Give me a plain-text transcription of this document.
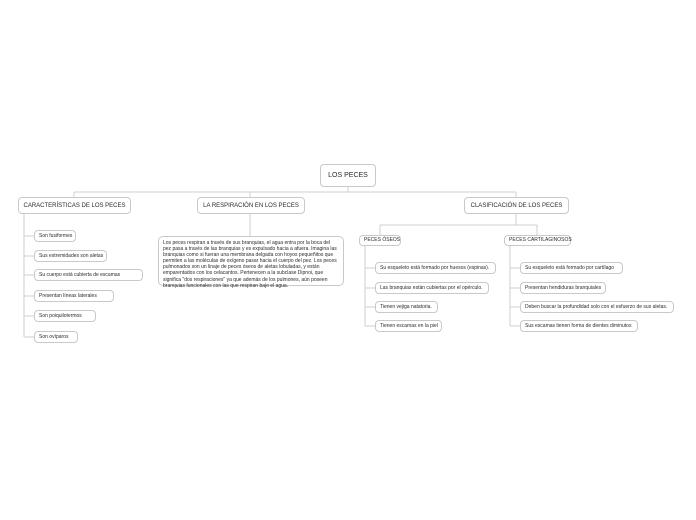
LOS PECES
CARACTERÍSTICAS DE LOS PECES	LA RESPIRACIÓN EN LOS PECES	CLASIFICACIÓN DE LOS PECES
Son fusiformes
Sus extremidades son aletas
Su cuerpo está cubierta de escamas
Presentan líneas laterales
Son poiquilotermos
Son ovíparos
Los peces respiran a través de sus branquias, el agua entra por la boca del pez pasa a través de las branquias y es expulsado hacia a afuera. Imagina las branquias como si fueran una membrana delgada con hoyos pequeñitos que permiten a las moléculas de oxígeno pasar hacia el cuerpo del pez. Los peces pulmonados son un linaje de peces óseos de aletas lobuladas, y están emparentados con los celacantos. Pertenecen a la subclase Dipnoi, que significa "dos respiraciones" ya que además de los pulmones, aún poseen branquias funcionales con las que respiran bajo el agua.
PECES ÓSEOS	PECES CARTILAGINOSOS
Su esqueleto está formado por huesos (espinas).
Las branquias están cubiertas por el opérculo.
Tienen vejiga natatoria.
Tienen escamas en la piel
Su esqueleto está formado por cartílago
Presentan hendiduras branquiales
Deben buscar la profundidad solo con el esfuerzo de sus aletas.
Sus escamas tienen forma de dientes diminutos
